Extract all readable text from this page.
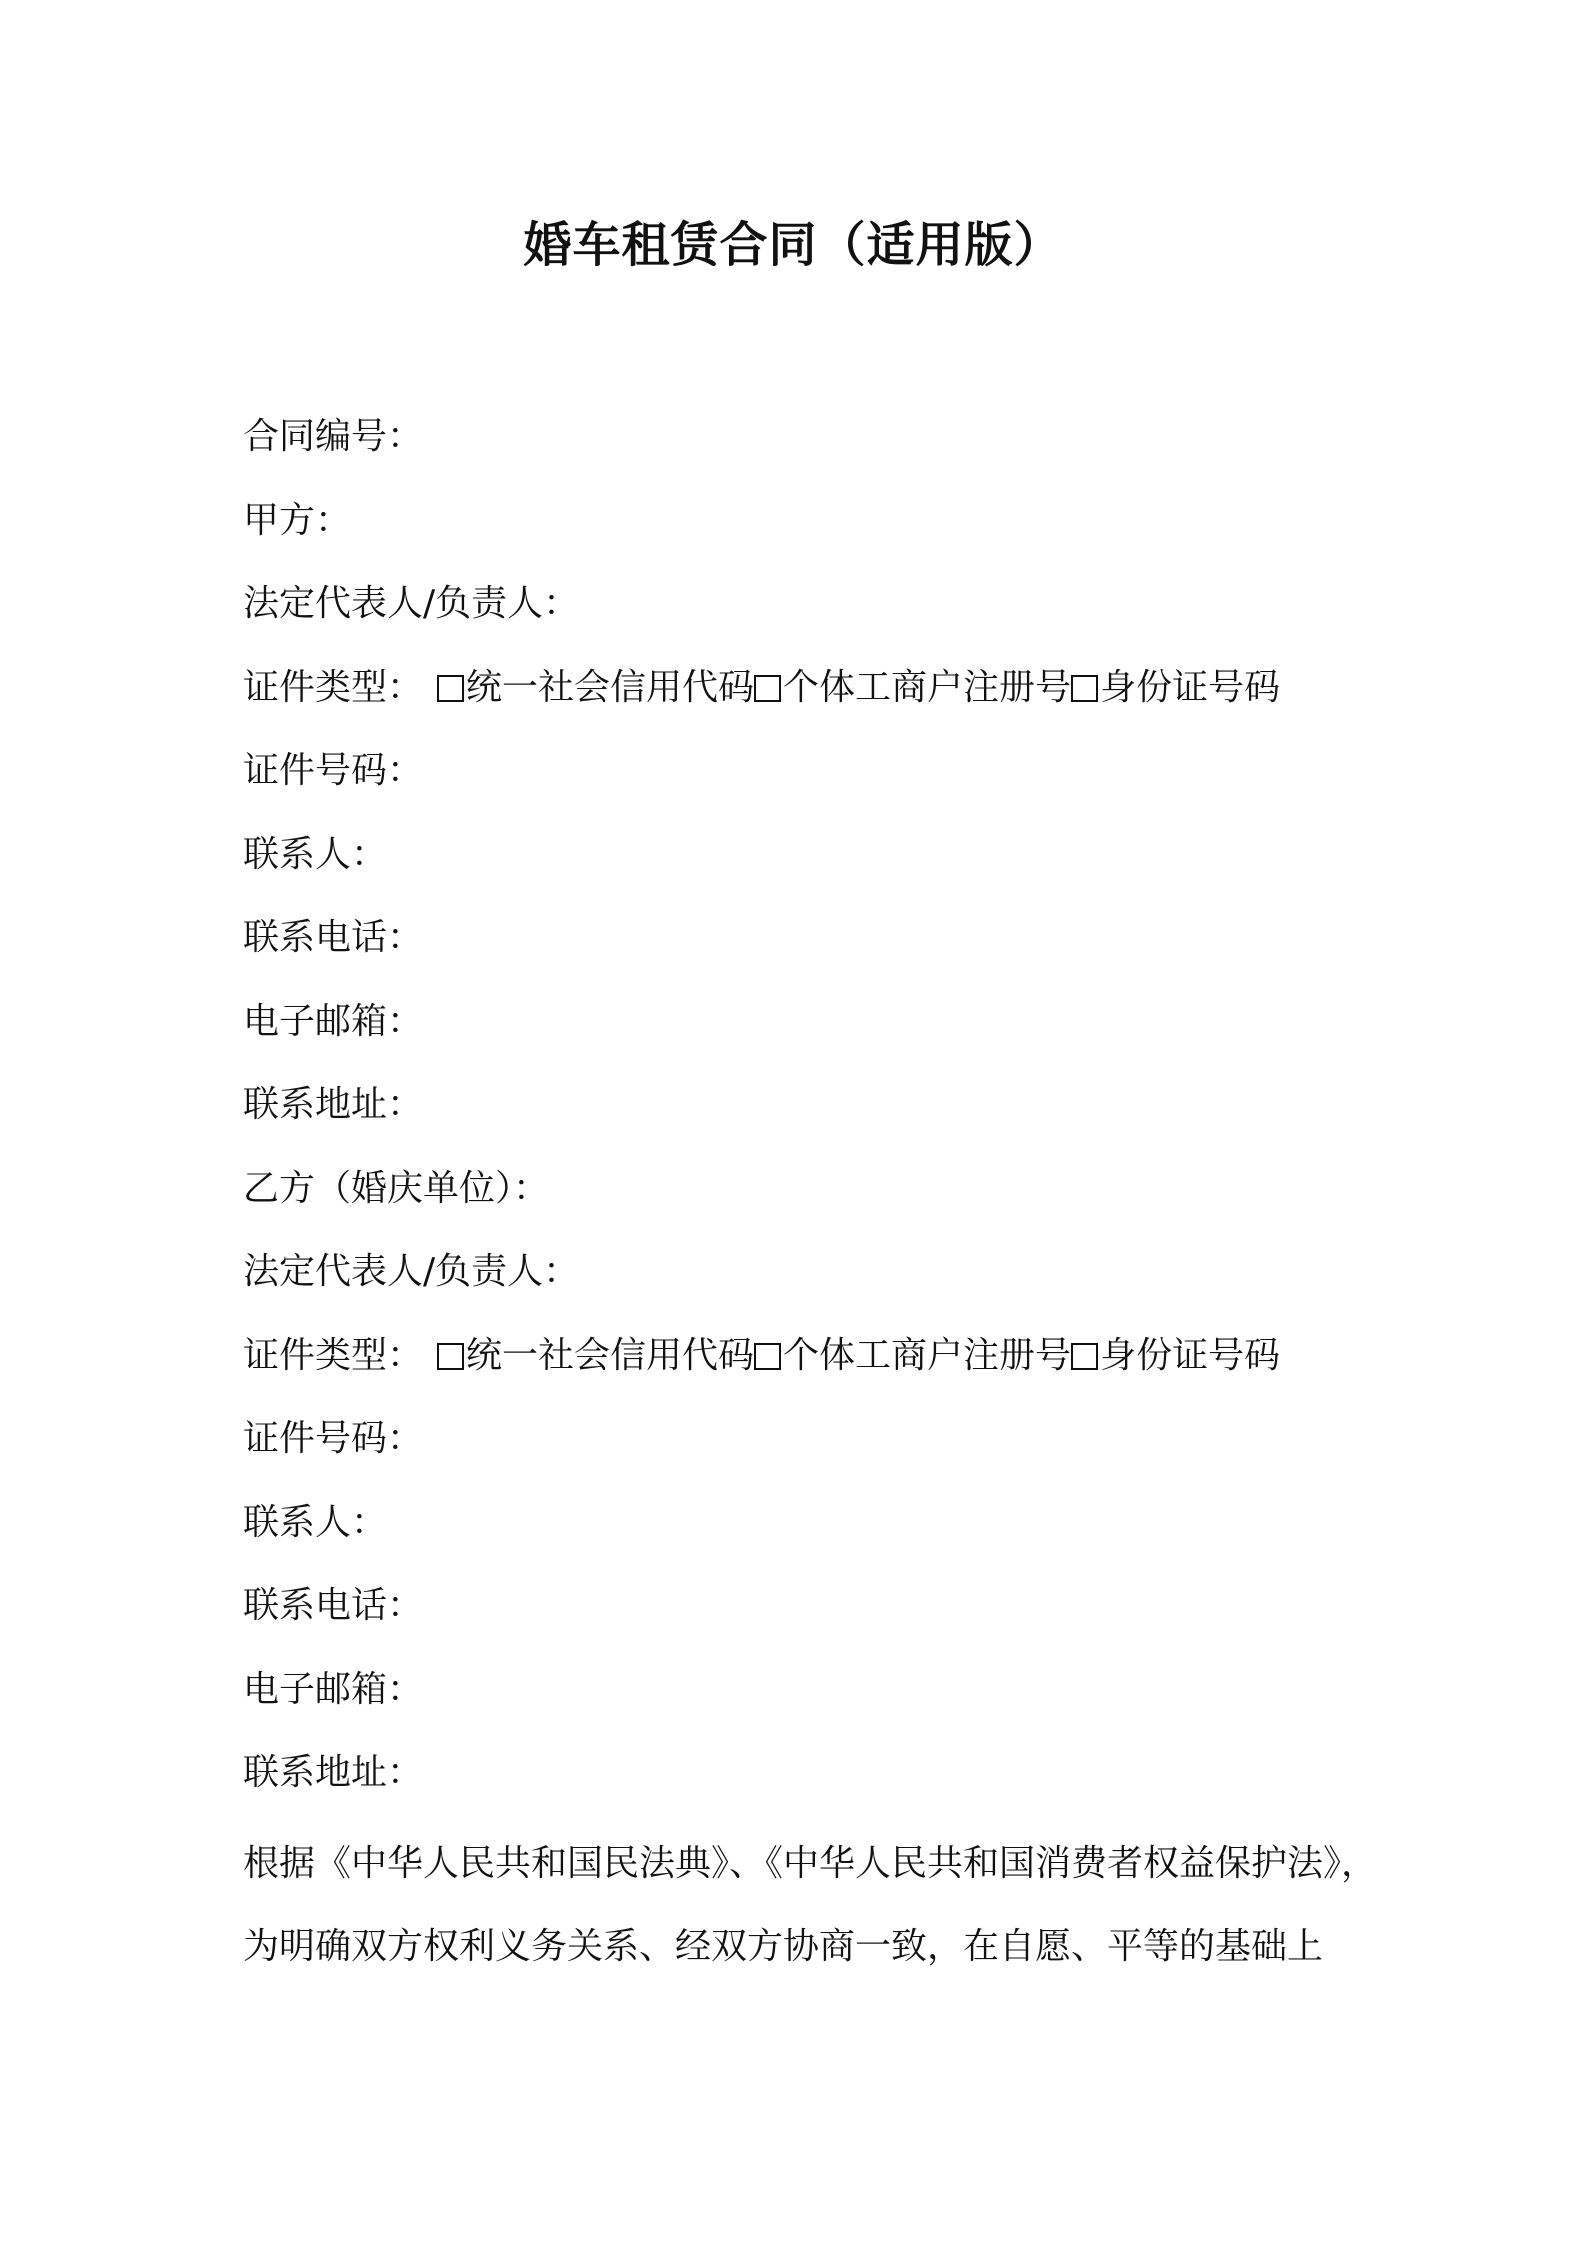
婚车租赁合同（适用版）
合同编号：
甲方：
法定代表人/负责人：
证件类型： 统一社会信用代码 个体工商户注册号 身份证号码
证件号码：
联系人：
联系电话：
电子邮箱：
联系地址：
乙方（婚庆单位）：
法定代表人/负责人：
证件类型： 统一社会信用代码 个体工商户注册号 身份证号码
证件号码：
联系人：
联系电话：
电子邮箱：
联系地址：

根据《中华人民共和国民法典》、《中华人民共和国消费者权益保护法》，

为明确双方权利义务关系、经双方协商一致，在自愿、平等的基础上
